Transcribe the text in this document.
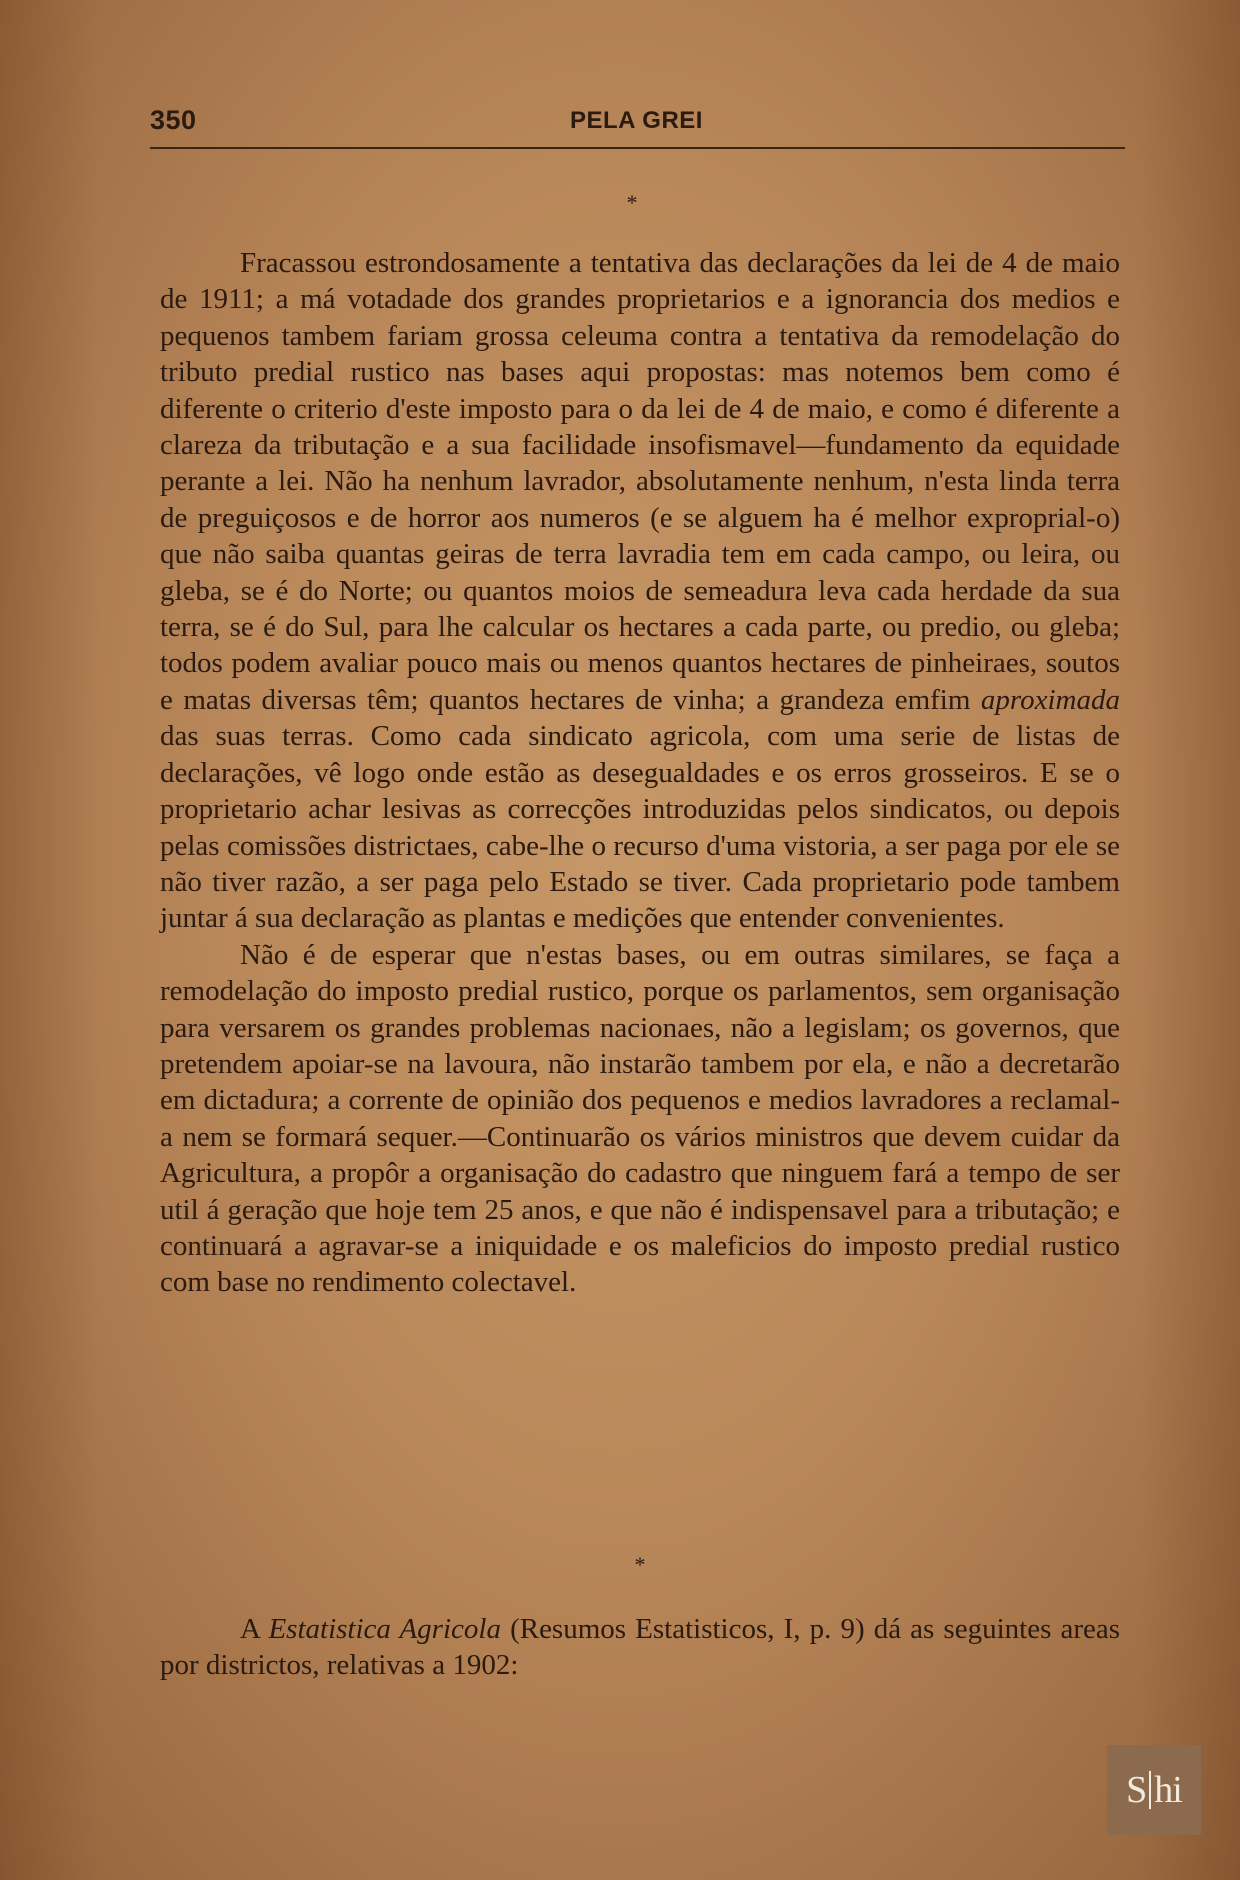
350	PELA GREI
*

Fracassou estrondosamente a tentativa das declarações da lei de 4 de maio de 1911; a má votadade dos grandes proprietarios e a ignorancia dos medios e pequenos tambem fariam grossa celeuma contra a tentativa da remodelação do tributo predial rustico nas bases aqui propostas: mas notemos bem como é diferente o criterio d'este imposto para o da lei de 4 de maio, e como é diferente a clareza da tributação e a sua facilidade insofismavel—fundamento da equidade perante a lei. Não ha nenhum lavrador, absolutamente nenhum, n'esta linda terra de preguiçosos e de horror aos numeros (e se alguem ha é melhor exproprial-o) que não saiba quantas geiras de terra lavradia tem em cada campo, ou leira, ou gleba, se é do Norte; ou quantos moios de semeadura leva cada herdade da sua terra, se é do Sul, para lhe calcular os hectares a cada parte, ou predio, ou gleba; todos podem avaliar pouco mais ou menos quantos hectares de pinheiraes, soutos e matas diversas têm; quantos hectares de vinha; a grandeza emfim aproximada das suas terras. Como cada sindicato agricola, com uma serie de listas de declarações, vê logo onde estão as desegualdades e os erros grosseiros. E se o proprietario achar lesivas as correcções introduzidas pelos sindicatos, ou depois pelas comissões districtaes, cabe-lhe o recurso d'uma vistoria, a ser paga por ele se não tiver razão, a ser paga pelo Estado se tiver. Cada proprietario pode tambem juntar á sua declaração as plantas e medições que entender convenientes.

Não é de esperar que n'estas bases, ou em outras similares, se faça a remodelação do imposto predial rustico, porque os parlamentos, sem organisação para versarem os grandes problemas nacionaes, não a legislam; os governos, que pretendem apoiar-se na lavoura, não instarão tambem por ela, e não a decretarão em dictadura; a corrente de opinião dos pequenos e medios lavradores a reclamal-a nem se formará sequer.—Continuarão os vários ministros que devem cuidar da Agricultura, a propôr a organisação do cadastro que ninguem fará a tempo de ser util á geração que hoje tem 25 anos, e que não é indispensavel para a tributação; e continuará a agravar-se a iniquidade e os maleficios do imposto predial rustico com base no rendimento colectavel.

*

A Estatistica Agricola (Resumos Estatisticos, I, p. 9) dá as seguintes areas por districtos, relativas a 1902:

S hi
